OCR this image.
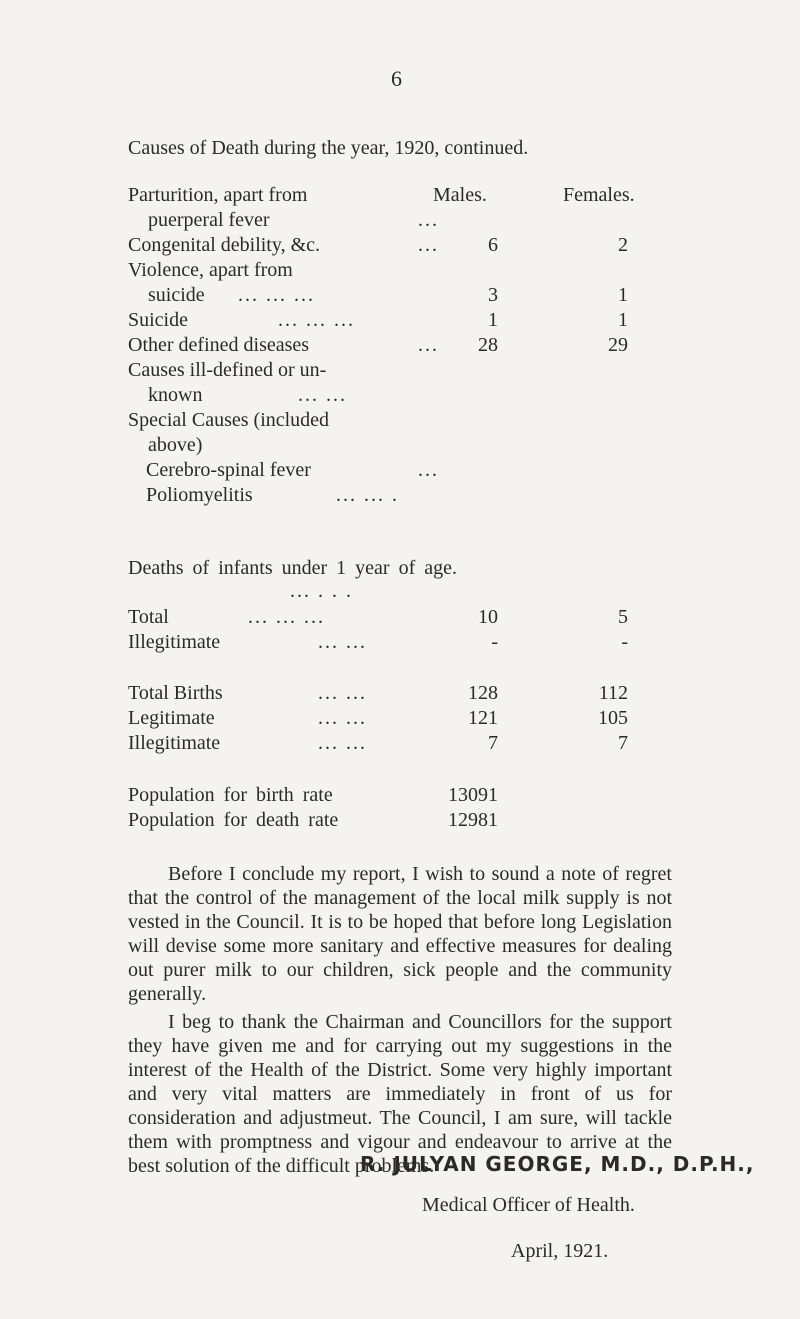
6
Causes of Death during the year, 1920, continued.
Males.	Females.
Parturition, apart from
puerperal fever	...
Congenital debility, &c.	...	6	2
Violence, apart from
suicide ... ... ...	3	1
Suicide	... ... ...	1	1
Other defined diseases	...	28	29
Causes ill-defined or un-
known	... ...
Special Causes (included
above)
Cerebro-spinal fever	...
Poliomyelitis	... ... .
Deaths of infants under 1 year of age.
... . . .
Total	... ... ...	10	5
Illegitimate	... ...	-	-
Total Births	... ...	128	112
Legitimate	... ...	121	105
Illegitimate	... ...	7	7
Population for birth rate	13091
Population for death rate	12981

Before I conclude my report, I wish to sound a note of regret that the control of the management of the local milk supply is not vested in the Council. It is to be hoped that before long Legislation will devise some more sanitary and effective measures for dealing out purer milk to our children, sick people and the community generally.

I beg to thank the Chairman and Councillors for the support they have given me and for carrying out my suggestions in the interest of the Health of the District. Some very highly important and very vital matters are immediately in front of us for consideration and adjustmeut. The Council, I am sure, will tackle them with promptness and vigour and endeavour to arrive at the best solution of the difficult problems.

R. JULYAN GEORGE, M.D., D.P.H.,
Medical Officer of Health.
April, 1921.
